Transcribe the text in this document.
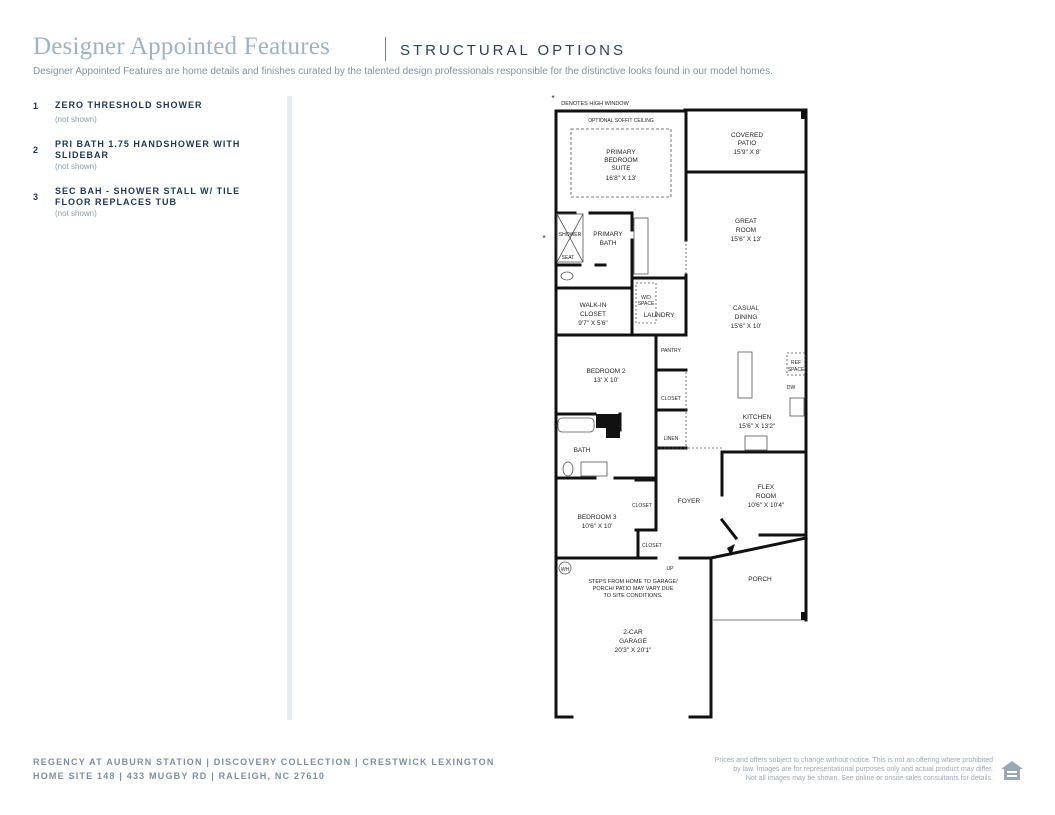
Designer Appointed Features	STRUCTURAL OPTIONS
Designer Appointed Features are home details and finishes curated by the talented design professionals responsible for the distinctive looks found in our model homes.
1	ZERO THRESHOLD SHOWER
(not shown)
2
PRI BATH 1.75 HANDSHOWER WITH SLIDEBAR
(not shown)
3
SEC BAH - SHOWER STALL W/ TILE FLOOR REPLACES TUB
(not shown)
*
DENOTES HIGH WINDOW
OPTIONAL SOFFIT CEILING
PRIMARY
BEDROOM
SUITE
16'8" X 13'
COVERED
PATIO
15'9" X 8'
GREAT
ROOM
15'6" X 13'
*	SHOWER
SEAT
PRIMARY
BATH
W/D
SPACE
WALK-IN
CLOSET
9'7" X 5'6"
LAUNDRY
CASUAL
DINING
15'6" X 10'
PANTRY
BEDROOM 2
13' X 10'
REF
SPACE
DW
CLOSET
KITCHEN
15'6" X 13'2"
LINEN
BATH
FOYER
FLEX
ROOM
10'6" X 10'4"
CLOSET
BEDROOM 3
10'6" X 10'
CLOSET
WH	UP
PORCH
STEPS FROM HOME TO GARAGE/
PORCH/ PATIO MAY VARY DUE
TO SITE CONDITIONS.
2-CAR
GARAGE
20'3" X 20'1"
REGENCY AT AUBURN STATION | DISCOVERY COLLECTION | CRESTWICK LEXINGTON
HOME SITE 148 | 433 MUGBY RD | RALEIGH, NC 27610
Prices and offers subject to change without notice. This is not an offering where prohibited
by law. Images are for representational purposes only and actual product may differ.
Not all images may be shown. See online or onsite sales consultants for details.
